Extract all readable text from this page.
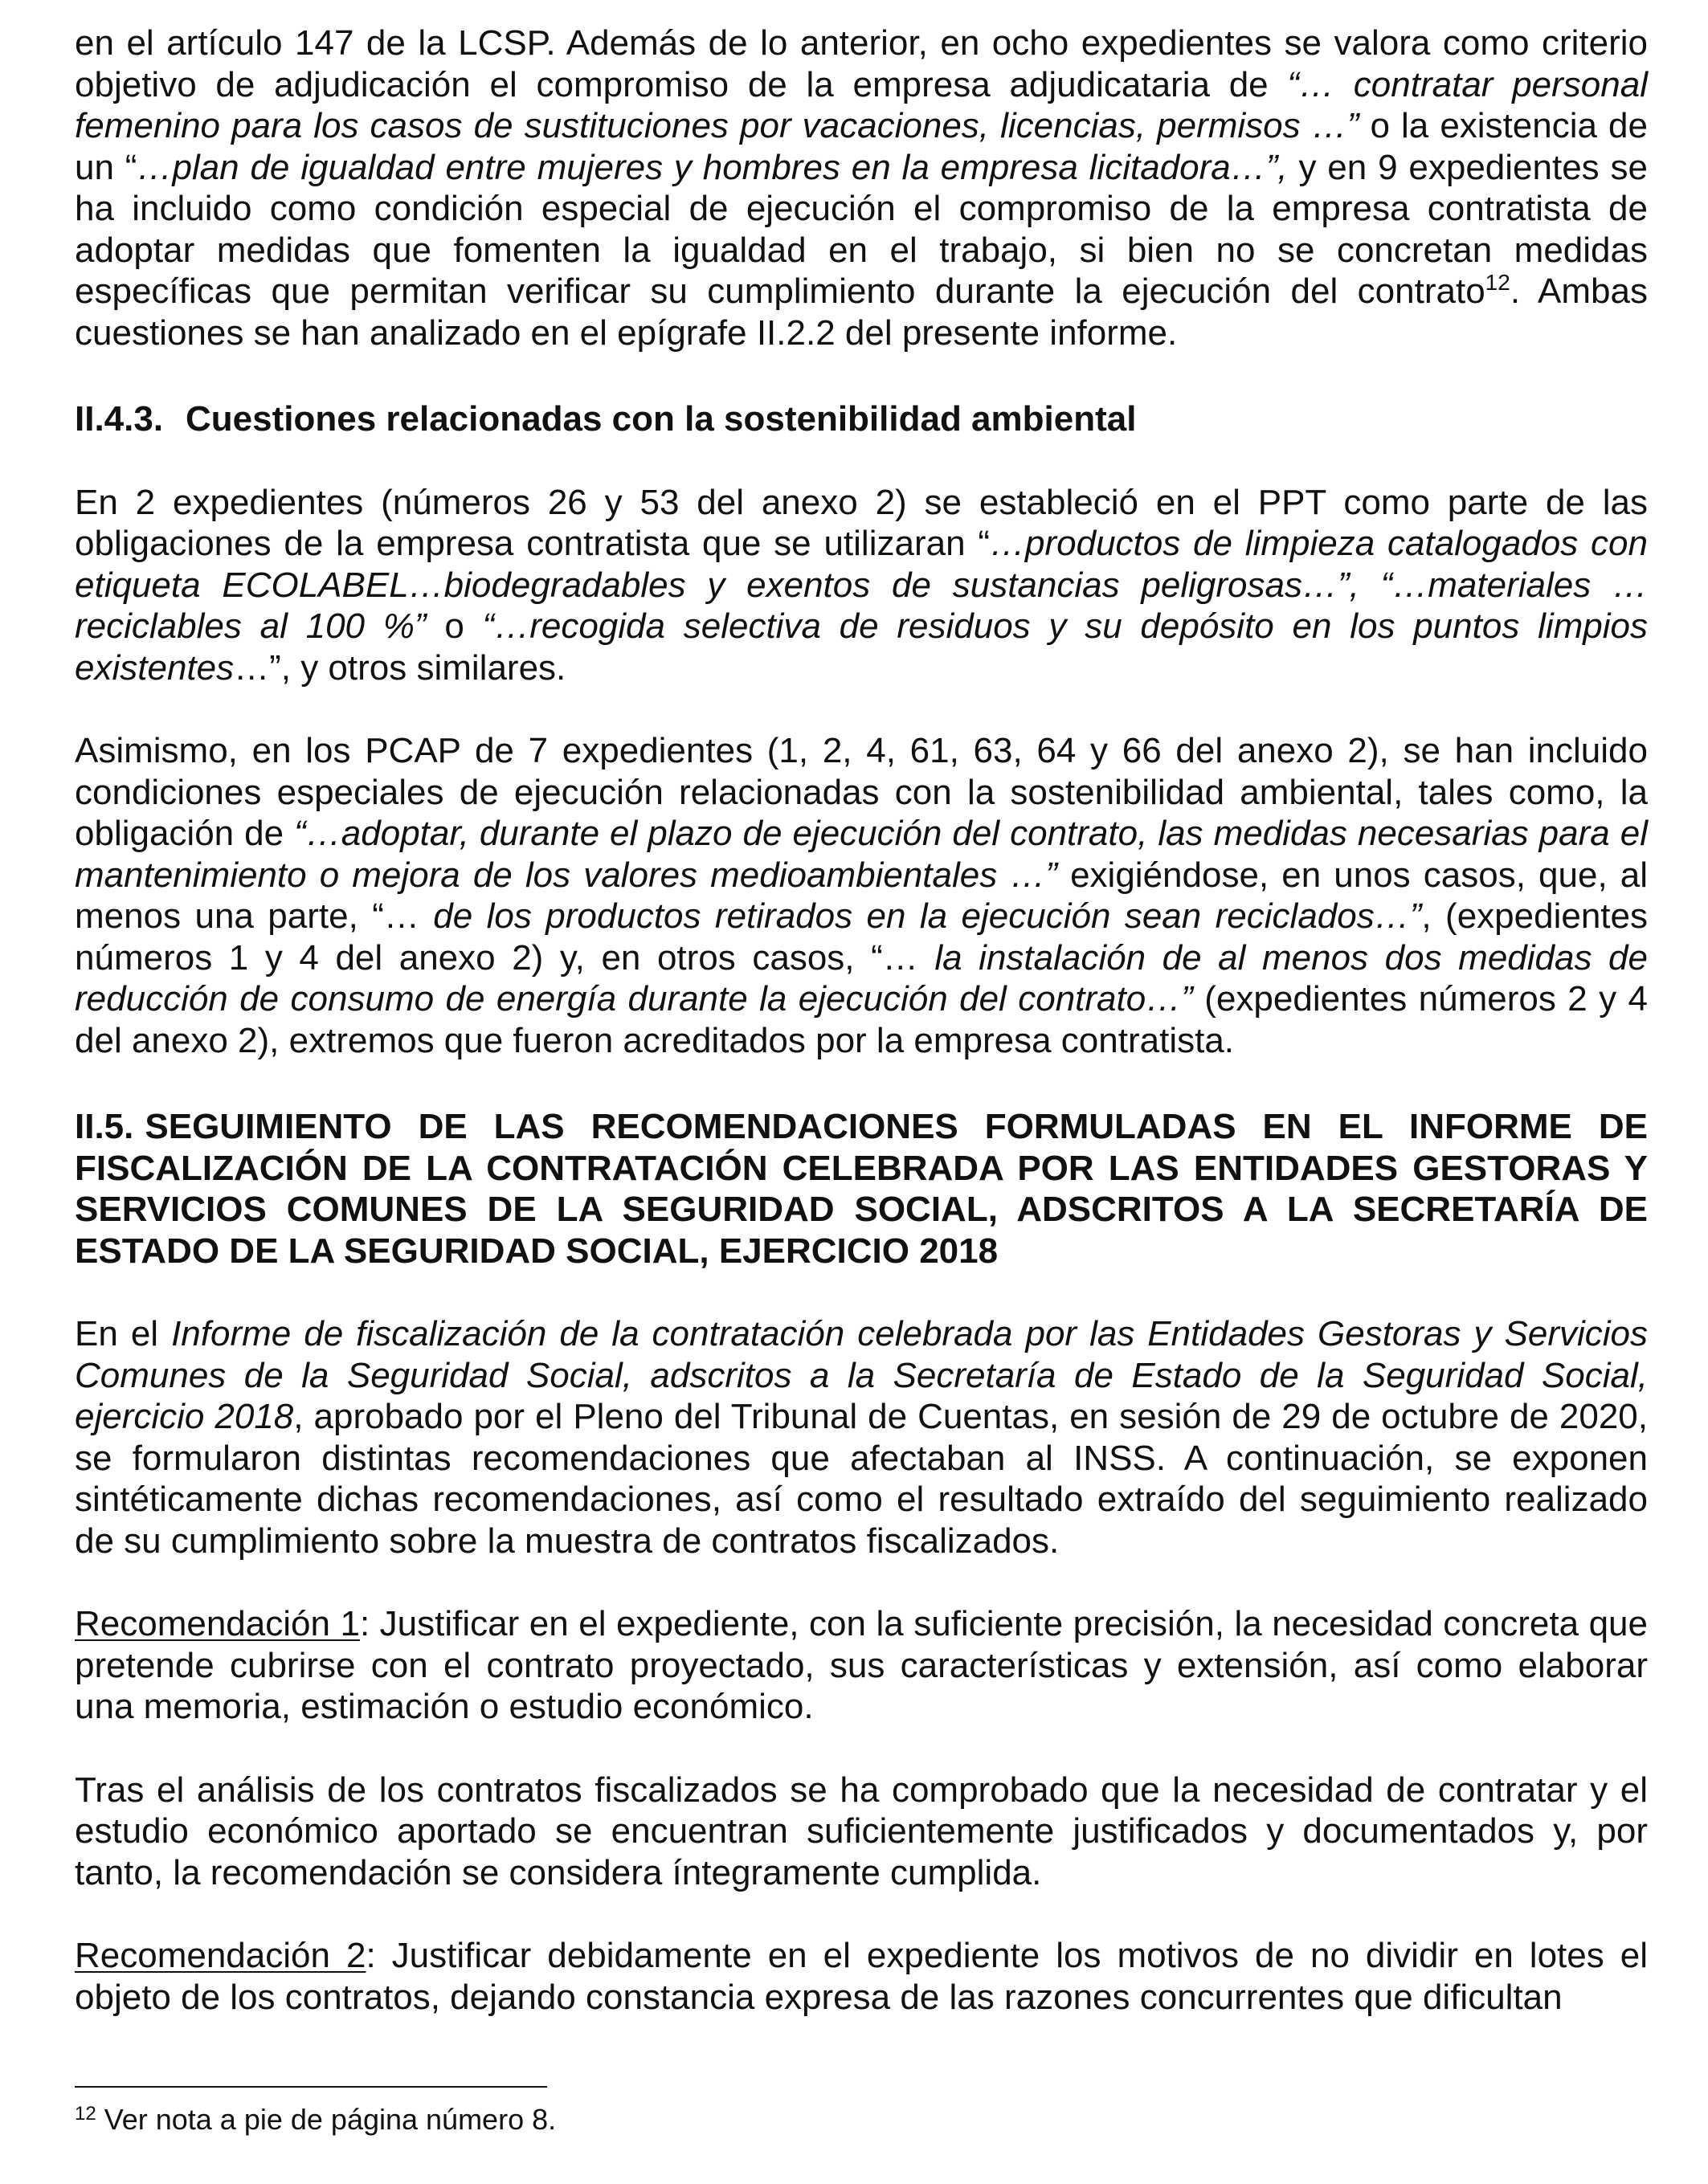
en el artículo 147 de la LCSP. Además de lo anterior, en ocho expedientes se valora como criterio objetivo de adjudicación el compromiso de la empresa adjudicataria de “… contratar personal femenino para los casos de sustituciones por vacaciones, licencias, permisos …” o la existencia de un “…plan de igualdad entre mujeres y hombres en la empresa licitadora…”, y en 9 expedientes se ha incluido como condición especial de ejecución el compromiso de la empresa contratista de adoptar medidas que fomenten la igualdad en el trabajo, si bien no se concretan medidas específicas que permitan verificar su cumplimiento durante la ejecución del contrato$^{12}$. Ambas cuestiones se han analizado en el epígrafe II.2.2 del presente informe.

II.4.3. Cuestiones relacionadas con la sostenibilidad ambiental

En 2 expedientes (números 26 y 53 del anexo 2) se estableció en el PPT como parte de las obligaciones de la empresa contratista que se utilizaran “…productos de limpieza catalogados con etiqueta ECOLABEL…biodegradables y exentos de sustancias peligrosas…”, “…materiales … reciclables al 100 %” o “…recogida selectiva de residuos y su depósito en los puntos limpios existentes…”, y otros similares.

Asimismo, en los PCAP de 7 expedientes (1, 2, 4, 61, 63, 64 y 66 del anexo 2), se han incluido condiciones especiales de ejecución relacionadas con la sostenibilidad ambiental, tales como, la obligación de “…adoptar, durante el plazo de ejecución del contrato, las medidas necesarias para el mantenimiento o mejora de los valores medioambientales …” exigiéndose, en unos casos, que, al menos una parte, “… de los productos retirados en la ejecución sean reciclados…”, (expedientes números 1 y 4 del anexo 2) y, en otros casos, “… la instalación de al menos dos medidas de reducción de consumo de energía durante la ejecución del contrato…” (expedientes números 2 y 4 del anexo 2), extremos que fueron acreditados por la empresa contratista.

II.5. SEGUIMIENTO DE LAS RECOMENDACIONES FORMULADAS EN EL INFORME DE FISCALIZACIÓN DE LA CONTRATACIÓN CELEBRADA POR LAS ENTIDADES GESTORAS Y SERVICIOS COMUNES DE LA SEGURIDAD SOCIAL, ADSCRITOS A LA SECRETARÍA DE ESTADO DE LA SEGURIDAD SOCIAL, EJERCICIO 2018

En el Informe de fiscalización de la contratación celebrada por las Entidades Gestoras y Servicios Comunes de la Seguridad Social, adscritos a la Secretaría de Estado de la Seguridad Social, ejercicio 2018, aprobado por el Pleno del Tribunal de Cuentas, en sesión de 29 de octubre de 2020, se formularon distintas recomendaciones que afectaban al INSS. A continuación, se exponen sintéticamente dichas recomendaciones, así como el resultado extraído del seguimiento realizado de su cumplimiento sobre la muestra de contratos fiscalizados.

Recomendación 1: Justificar en el expediente, con la suficiente precisión, la necesidad concreta que pretende cubrirse con el contrato proyectado, sus características y extensión, así como elaborar una memoria, estimación o estudio económico.

Tras el análisis de los contratos fiscalizados se ha comprobado que la necesidad de contratar y el estudio económico aportado se encuentran suficientemente justificados y documentados y, por tanto, la recomendación se considera íntegramente cumplida.

Recomendación 2: Justificar debidamente en el expediente los motivos de no dividir en lotes el objeto de los contratos, dejando constancia expresa de las razones concurrentes que dificultan

$^{12}$ Ver nota a pie de página número 8.
